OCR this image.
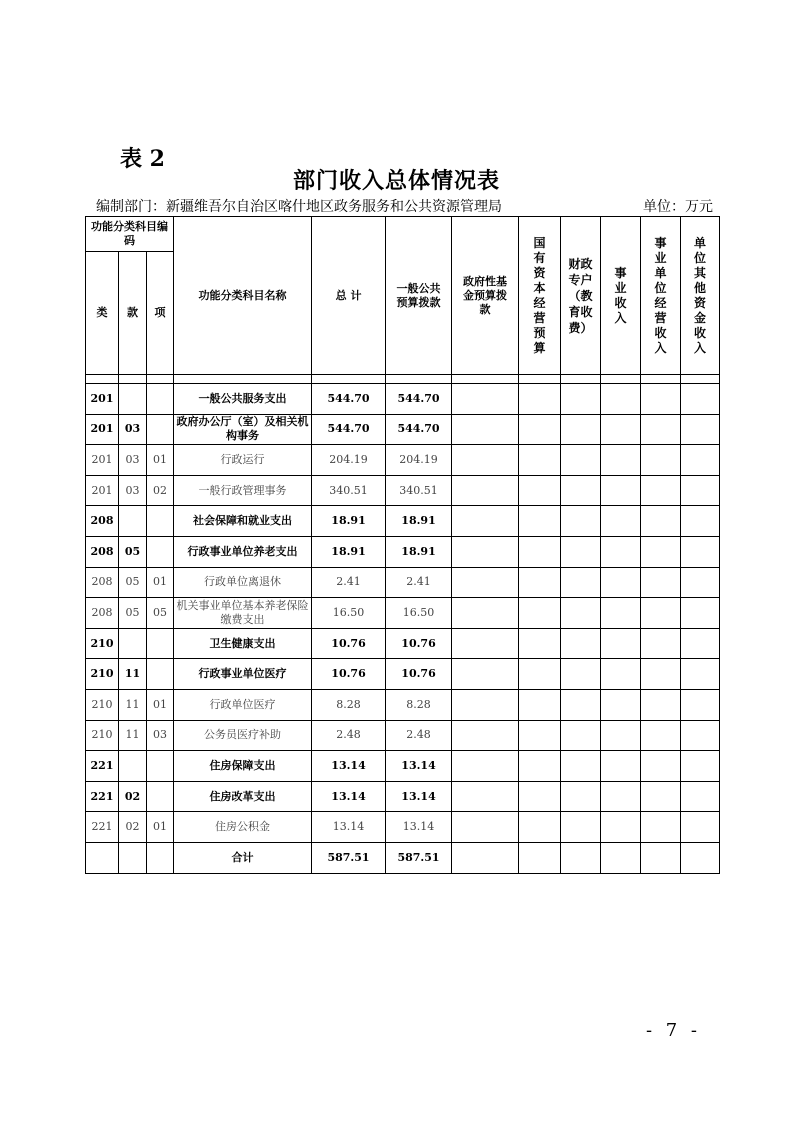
表 2
部门收入总体情况表
编制部门：新疆维吾尔自治区喀什地区政务服务和公共资源管理局	单位：万元
功能分类科目编码			功能分类科目名称	总 计	一般公共预算拨款	政府性基金预算拨款	国有资本经营预算	财政专户（教育收费）	事业收入	事业单位经营收入	单位其他资金收入
类	款	项									

201			一般公共服务支出	544.70	544.70						
201	03		政府办公厅（室）及相关机构事务	544.70	544.70						
201	03	01	行政运行	204.19	204.19						
201	03	02	一般行政管理事务	340.51	340.51						
208			社会保障和就业支出	18.91	18.91						
208	05		行政事业单位养老支出	18.91	18.91						
208	05	01	行政单位离退休	2.41	2.41						
208	05	05	机关事业单位基本养老保险缴费支出	16.50	16.50						
210			卫生健康支出	10.76	10.76						
210	11		行政事业单位医疗	10.76	10.76						
210	11	01	行政单位医疗	8.28	8.28						
210	11	03	公务员医疗补助	2.48	2.48						
221			住房保障支出	13.14	13.14						
221	02		住房改革支出	13.14	13.14						
221	02	01	住房公积金	13.14	13.14						
			合计	587.51	587.51						
- 7 -
